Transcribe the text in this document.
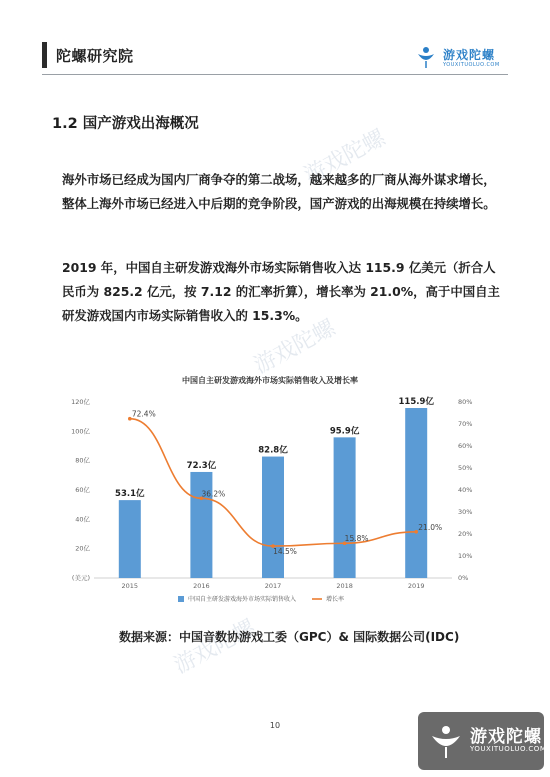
陀螺研究院	游戏陀螺
YOUXITUOLUO.COM
游戏陀螺
游戏陀螺
游戏陀螺
1.2 国产游戏出海概况
海外市场已经成为国内厂商争夺的第二战场，越来越多的厂商从海外谋求增长，整体上海外市场已经进入中后期的竞争阶段，国产游戏的出海规模在持续增长。
2019 年，中国自主研发游戏海外市场实际销售收入达 115.9 亿美元（折合人民币为 825.2 亿元，按 7.12 的汇率折算），增长率为 21.0%，高于中国自主研发游戏国内市场实际销售收入的 15.3%。
中国自主研发游戏海外市场实际销售收入及增长率
(美元)
20亿
40亿
60亿
80亿
100亿
120亿
0%
10%
20%
30%
40%
50%
60%
70%
80%
53.1亿
72.3亿
82.8亿
95.9亿
115.9亿
2015	2016	2017	2018	2019
72.4%
36.2%
14.5%
15.8%
21.0%
中国自主研发游戏海外市场实际销售收入	增长率
数据来源：中国音数协游戏工委（GPC）& 国际数据公司(IDC)
10
游戏陀螺
YOUXITUOLUO.COM
